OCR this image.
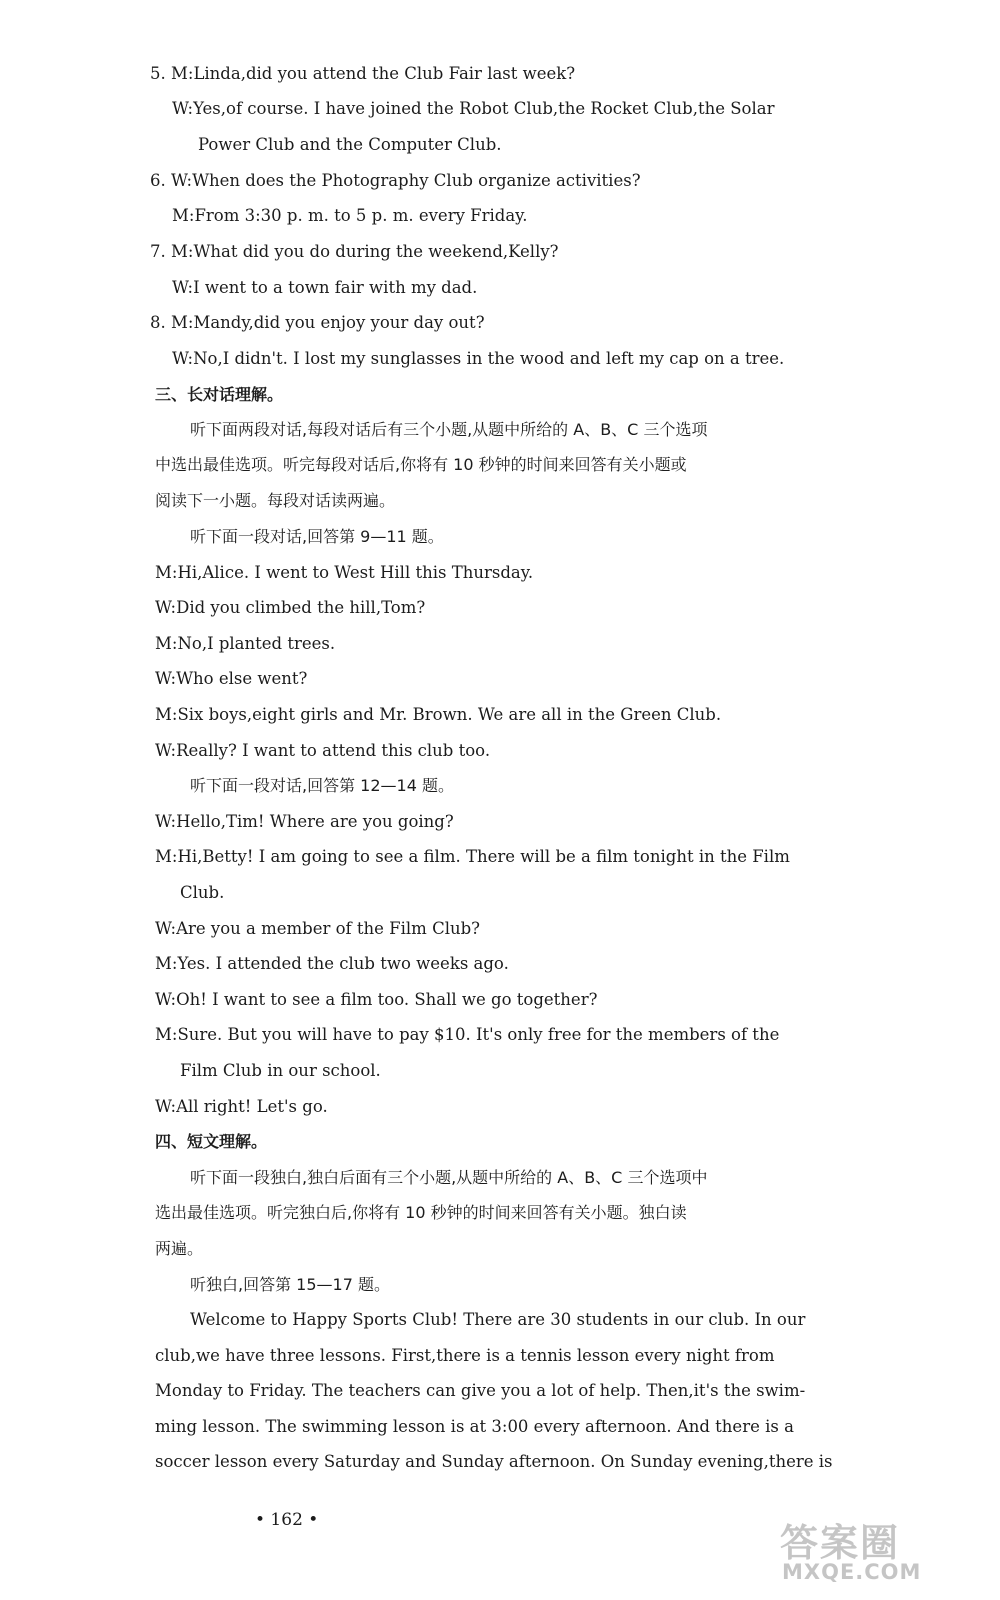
5. M:Linda,did you attend the Club Fair last week?
W:Yes,of course. I have joined the Robot Club,the Rocket Club,the Solar
Power Club and the Computer Club.
6. W:When does the Photography Club organize activities?
M:From 3:30 p. m. to 5 p. m. every Friday.
7. M:What did you do during the weekend,Kelly?
W:I went to a town fair with my dad.
8. M:Mandy,did you enjoy your day out?
W:No,I didn't. I lost my sunglasses in the wood and left my cap on a tree.
三、长对话理解。
听下面两段对话,每段对话后有三个小题,从题中所给的 A、B、C 三个选项
中选出最佳选项。听完每段对话后,你将有 10 秒钟的时间来回答有关小题或
阅读下一小题。每段对话读两遍。
听下面一段对话,回答第 9—11 题。
M:Hi,Alice. I went to West Hill this Thursday.
W:Did you climbed the hill,Tom?
M:No,I planted trees.
W:Who else went?
M:Six boys,eight girls and Mr. Brown. We are all in the Green Club.
W:Really? I want to attend this club too.
听下面一段对话,回答第 12—14 题。
W:Hello,Tim! Where are you going?
M:Hi,Betty! I am going to see a film. There will be a film tonight in the Film
Club.
W:Are you a member of the Film Club?
M:Yes. I attended the club two weeks ago.
W:Oh! I want to see a film too. Shall we go together?
M:Sure. But you will have to pay $10. It's only free for the members of the
Film Club in our school.
W:All right! Let's go.
四、短文理解。
听下面一段独白,独白后面有三个小题,从题中所给的 A、B、C 三个选项中
选出最佳选项。听完独白后,你将有 10 秒钟的时间来回答有关小题。独白读
两遍。
听独白,回答第 15—17 题。
Welcome to Happy Sports Club! There are 30 students in our club. In our
club,we have three lessons. First,there is a tennis lesson every night from
Monday to Friday. The teachers can give you a lot of help. Then,it's the swim-
ming lesson. The swimming lesson is at 3:00 every afternoon. And there is a
soccer lesson every Saturday and Sunday afternoon. On Sunday evening,there is
• 162 •
答案圈
MXQE.COM
